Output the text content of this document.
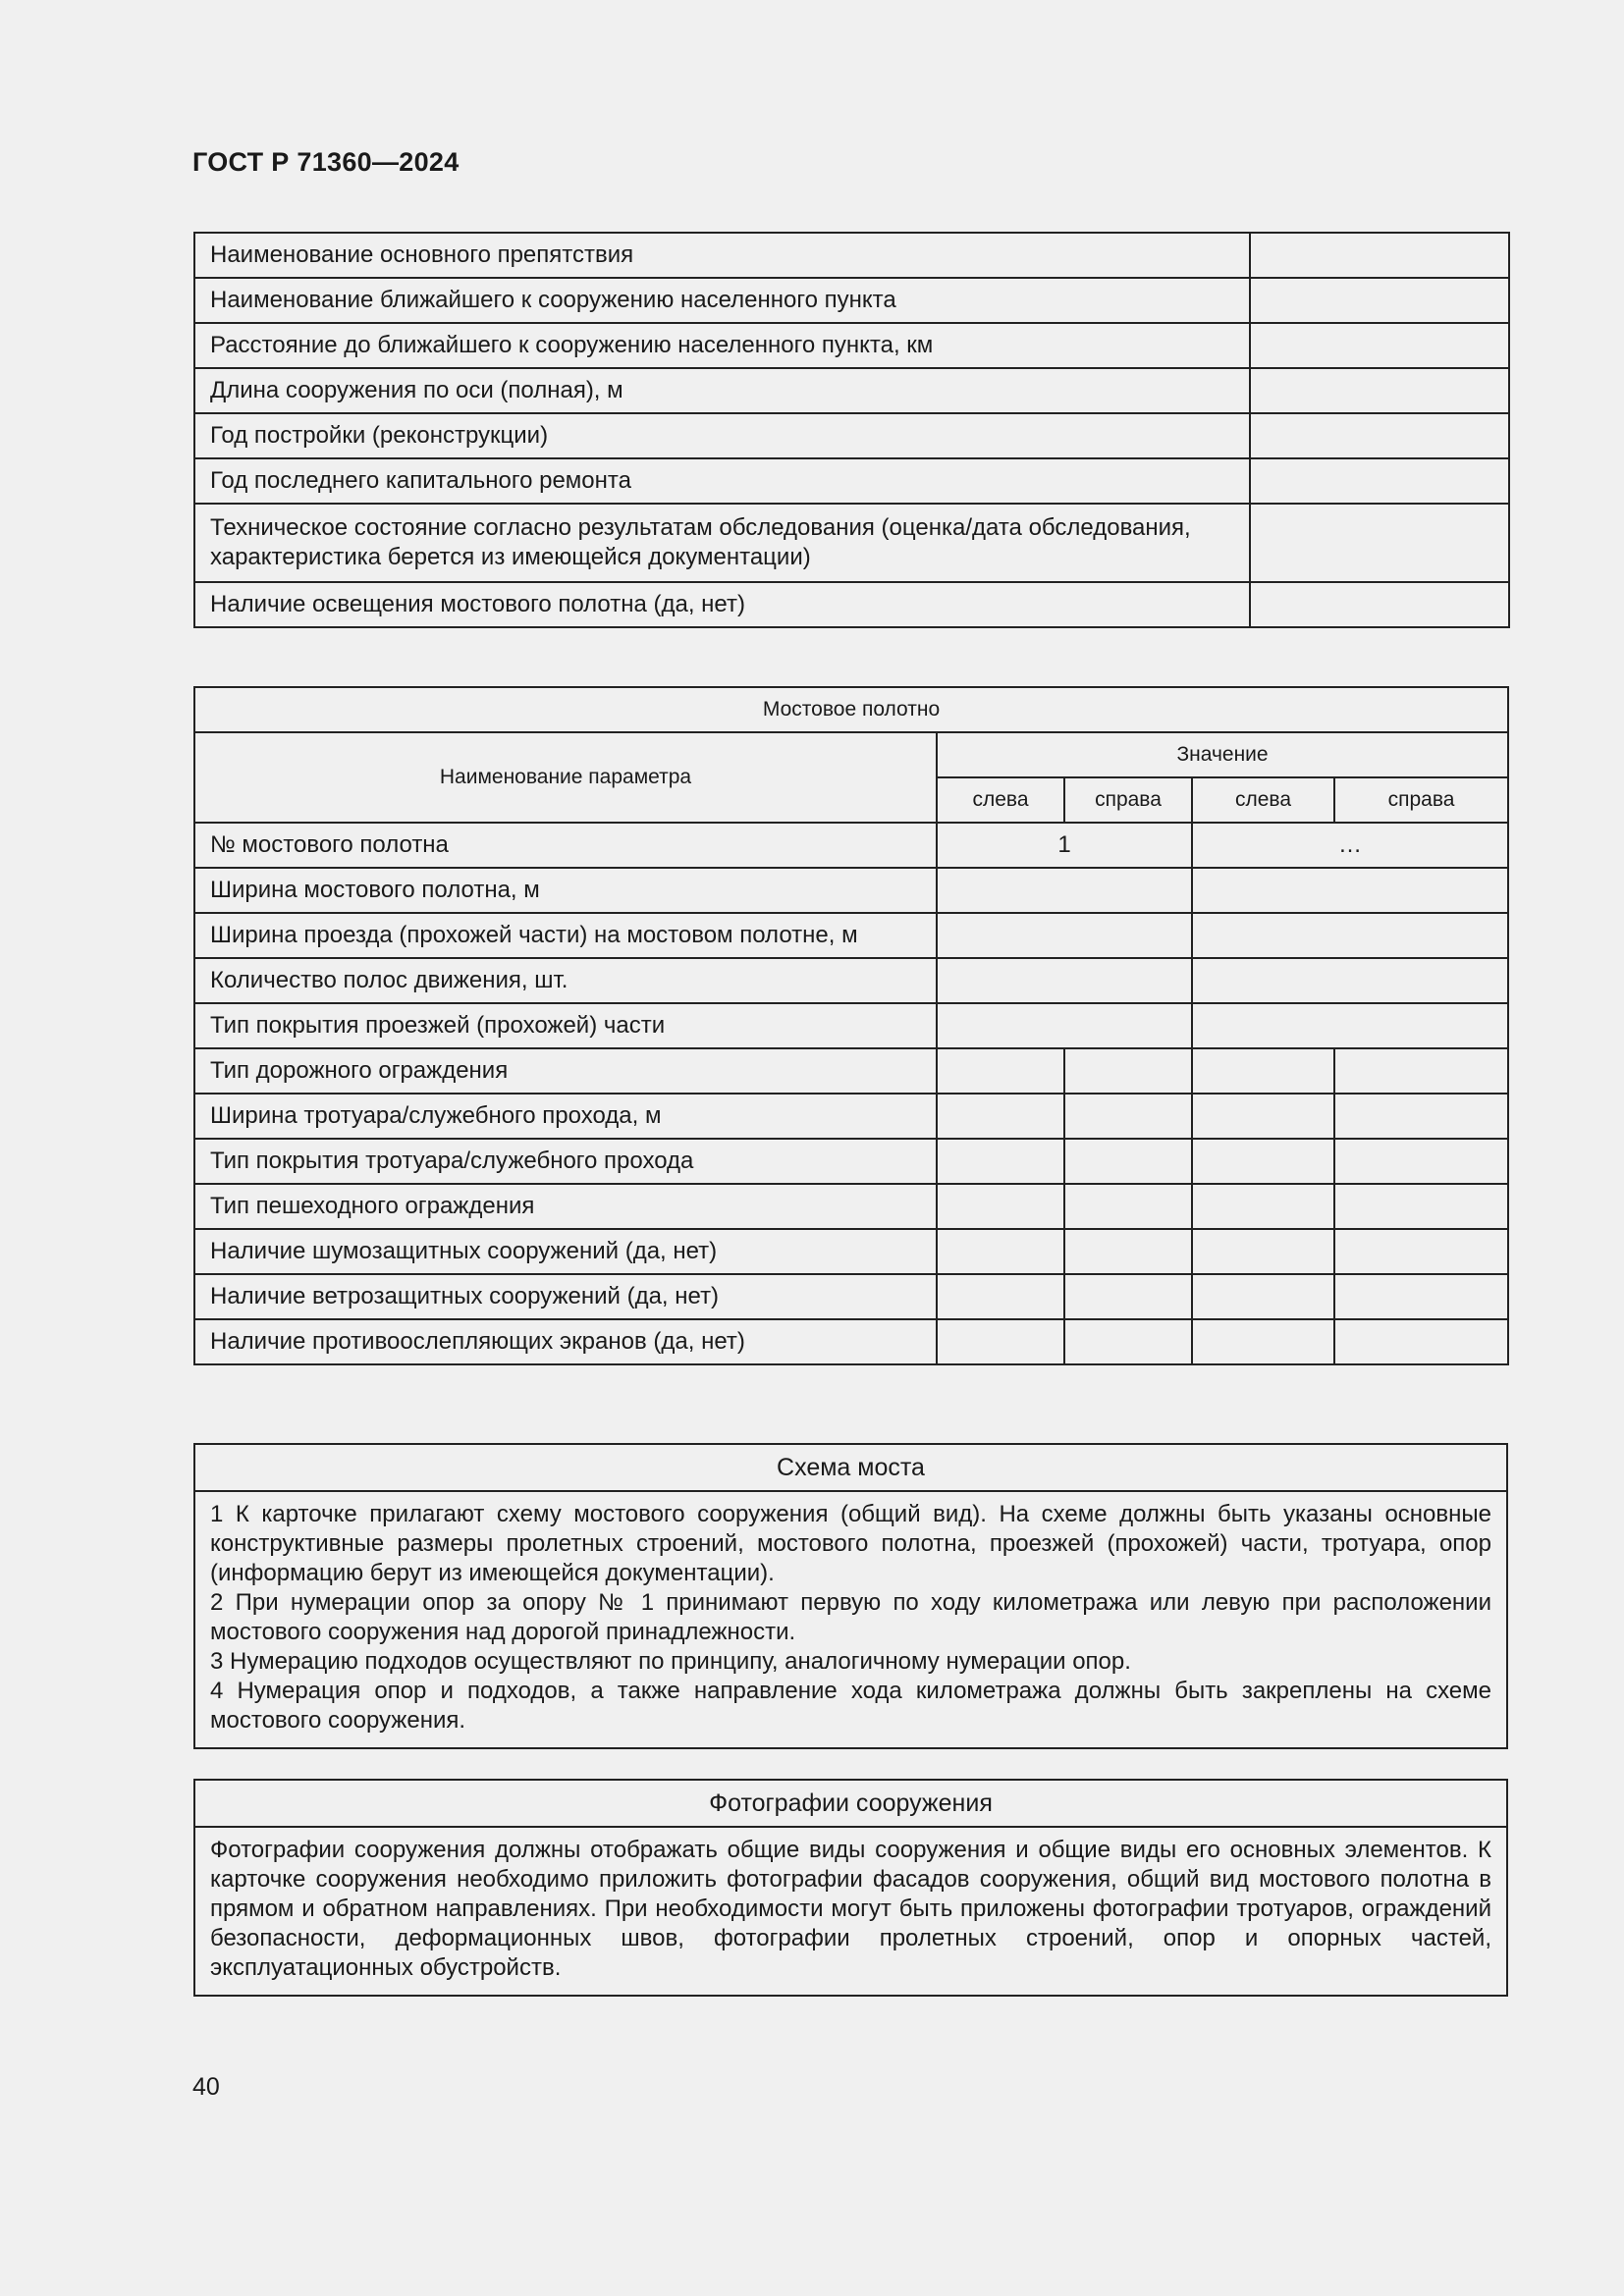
ГОСТ Р 71360—2024
Наименование основного препятствия	
Наименование ближайшего к сооружению населенного пункта	
Расстояние до ближайшего к сооружению населенного пункта, км	
Длина сооружения по оси (полная), м	
Год постройки (реконструкции)	
Год последнего капитального ремонта	
Техническое состояние согласно результатам обследования (оценка/дата обследования, характеристика берется из имеющейся документации)	
Наличие освещения мостового полотна (да, нет)	
Мостовое полотно				
Наименование параметра	Значение			
	слева	справа	слева	справа
№ мостового полотна	1		…	
Ширина мостового полотна, м				
Ширина проезда (прохожей части) на мостовом полотне, м				
Количество полос движения, шт.				
Тип покрытия проезжей (прохожей) части				
Тип дорожного ограждения				
Ширина тротуара/служебного прохода, м				
Тип покрытия тротуара/служебного прохода				
Тип пешеходного ограждения				
Наличие шумозащитных сооружений (да, нет)				
Наличие ветрозащитных сооружений (да, нет)				
Наличие противоослепляющих экранов (да, нет)				
Схема моста

1 К карточке прилагают схему мостового сооружения (общий вид). На схеме должны быть указаны основные конструктивные размеры пролетных строений, мостового полотна, проезжей (прохожей) части, тротуара, опор (информацию берут из имеющейся документации).

2 При нумерации опор за опору № 1 принимают первую по ходу километража или левую при расположении мостового сооружения над дорогой принадлежности.

3 Нумерацию подходов осуществляют по принципу, аналогичному нумерации опор.

4 Нумерация опор и подходов, а также направление хода километража должны быть закреплены на схеме мостового сооружения.

Фотографии сооружения

Фотографии сооружения должны отображать общие виды сооружения и общие виды его основных элементов. К карточке сооружения необходимо приложить фотографии фасадов сооружения, общий вид мостового полотна в прямом и обратном направлениях. При необходимости могут быть приложены фотографии тротуаров, ограждений безопасности, деформационных швов, фотографии пролетных строений, опор и опорных частей, эксплуатационных обустройств.

40
